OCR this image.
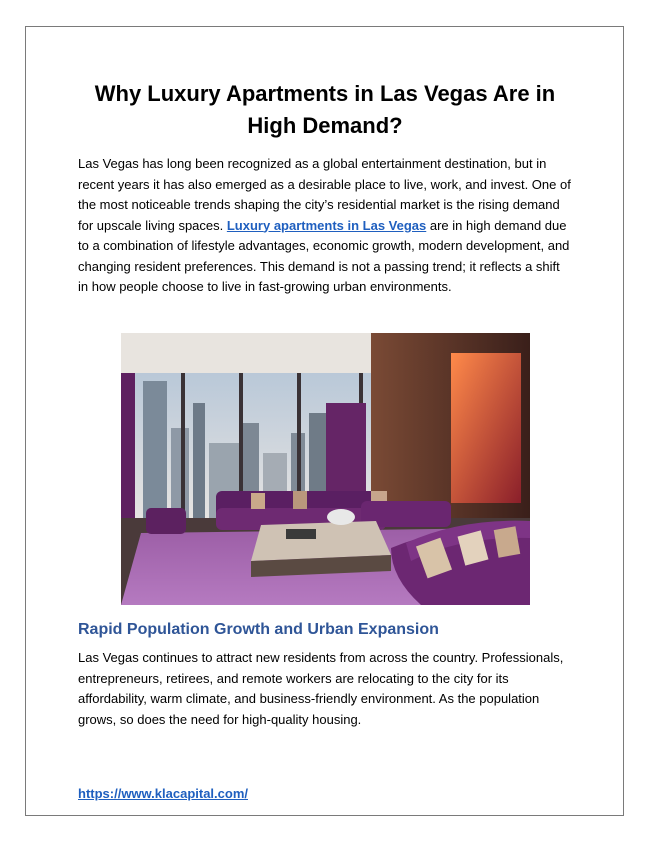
Why Luxury Apartments in Las Vegas Are in
High Demand?

Las Vegas has long been recognized as a global entertainment destination, but in recent years it has also emerged as a desirable place to live, work, and invest. One of the most noticeable trends shaping the city’s residential market is the rising demand for upscale living spaces. Luxury apartments in Las Vegas are in high demand due to a combination of lifestyle advantages, economic growth, modern development, and changing resident preferences. This demand is not a passing trend; it reflects a shift in how people choose to live in fast-growing urban environments.

Rapid Population Growth and Urban Expansion

Las Vegas continues to attract new residents from across the country. Professionals, entrepreneurs, retirees, and remote workers are relocating to the city for its affordability, warm climate, and business-friendly environment. As the population grows, so does the need for high-quality housing.

https://www.klacapital.com/
